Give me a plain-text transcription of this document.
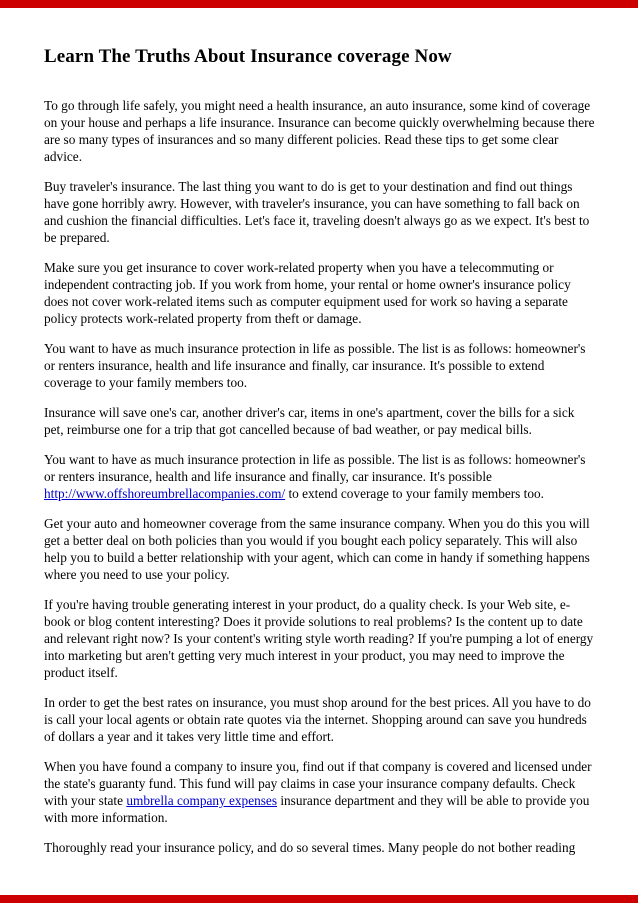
Learn The Truths About Insurance coverage Now

To go through life safely, you might need a health insurance, an auto insurance, some kind of coverage on your house and perhaps a life insurance. Insurance can become quickly overwhelming because there are so many types of insurances and so many different policies. Read these tips to get some clear advice.

Buy traveler's insurance. The last thing you want to do is get to your destination and find out things have gone horribly awry. However, with traveler's insurance, you can have something to fall back on and cushion the financial difficulties. Let's face it, traveling doesn't always go as we expect. It's best to be prepared.

Make sure you get insurance to cover work-related property when you have a telecommuting or independent contracting job. If you work from home, your rental or home owner's insurance policy does not cover work-related items such as computer equipment used for work so having a separate policy protects work-related property from theft or damage.

You want to have as much insurance protection in life as possible. The list is as follows: homeowner's or renters insurance, health and life insurance and finally, car insurance. It's possible to extend coverage to your family members too.

Insurance will save one's car, another driver's car, items in one's apartment, cover the bills for a sick pet, reimburse one for a trip that got cancelled because of bad weather, or pay medical bills.

You want to have as much insurance protection in life as possible. The list is as follows: homeowner's or renters insurance, health and life insurance and finally, car insurance. It's possible http://www.offshoreumbrellacompanies.com/ to extend coverage to your family members too.

Get your auto and homeowner coverage from the same insurance company. When you do this you will get a better deal on both policies than you would if you bought each policy separately. This will also help you to build a better relationship with your agent, which can come in handy if something happens where you need to use your policy.

If you're having trouble generating interest in your product, do a quality check. Is your Web site, e-book or blog content interesting? Does it provide solutions to real problems? Is the content up to date and relevant right now? Is your content's writing style worth reading? If you're pumping a lot of energy into marketing but aren't getting very much interest in your product, you may need to improve the product itself.

In order to get the best rates on insurance, you must shop around for the best prices. All you have to do is call your local agents or obtain rate quotes via the internet. Shopping around can save you hundreds of dollars a year and it takes very little time and effort.

When you have found a company to insure you, find out if that company is covered and licensed under the state's guaranty fund. This fund will pay claims in case your insurance company defaults. Check with your state umbrella company expenses insurance department and they will be able to provide you with more information.

Thoroughly read your insurance policy, and do so several times. Many people do not bother reading
